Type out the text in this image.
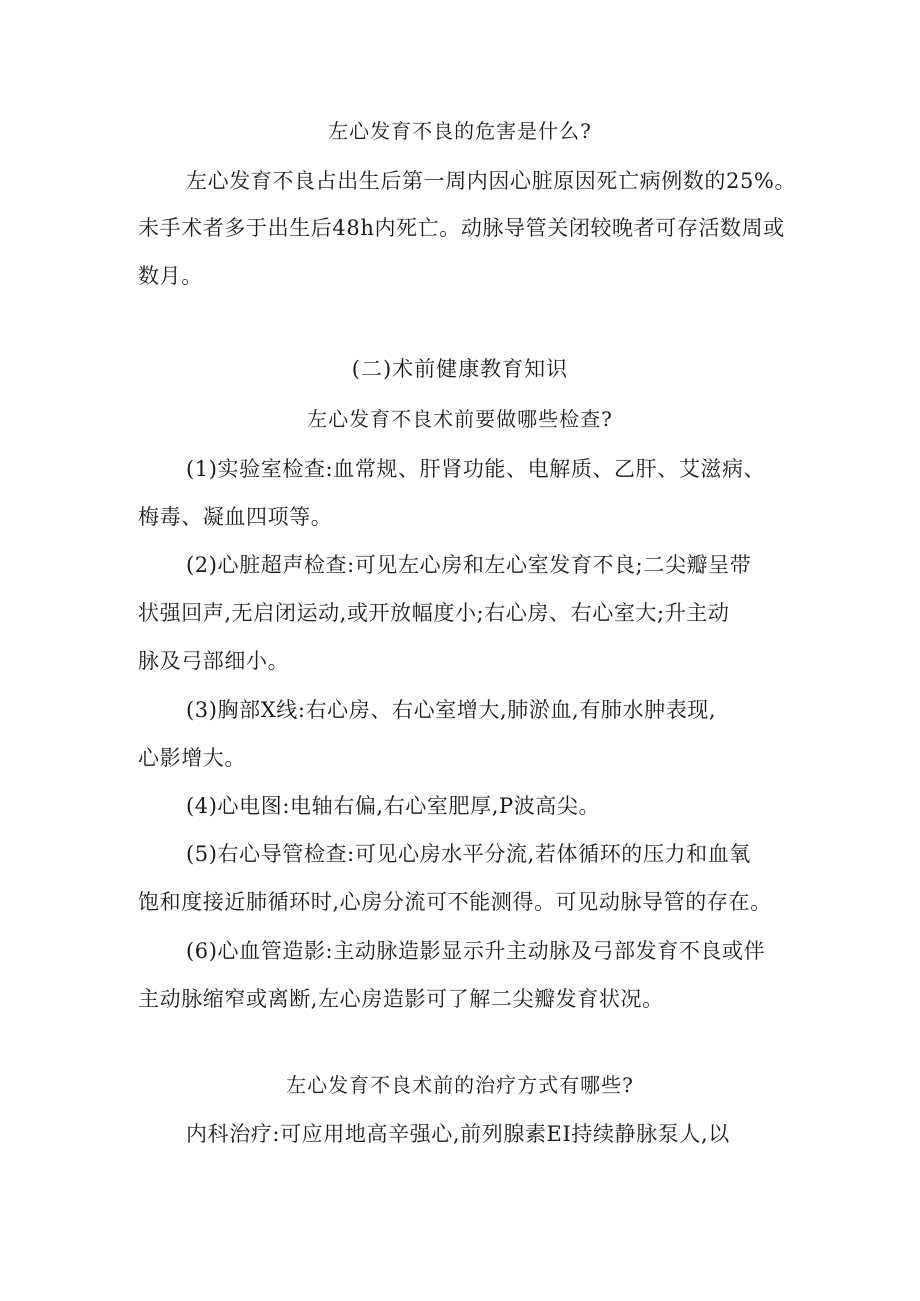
左心发育不良的危害是什么?
左心发育不良占出生后第一周内因心脏原因死亡病例数的25%。
未手术者多于出生后48h内死亡。动脉导管关闭较晚者可存活数周或
数月。
(二)术前健康教育知识
左心发育不良术前要做哪些检查?
(1)实验室检查:血常规、肝肾功能、电解质、乙肝、艾滋病、
梅毒、凝血四项等。
(2)心脏超声检查:可见左心房和左心室发育不良;二尖瓣呈带
状强回声,无启闭运动,或开放幅度小;右心房、右心室大;升主动
脉及弓部细小。
(3)胸部X线:右心房、右心室增大,肺淤血,有肺水肿表现,
心影增大。
(4)心电图:电轴右偏,右心室肥厚,P波高尖。
(5)右心导管检查:可见心房水平分流,若体循环的压力和血氧
饱和度接近肺循环时,心房分流可不能测得。可见动脉导管的存在。
(6)心血管造影:主动脉造影显示升主动脉及弓部发育不良或伴
主动脉缩窄或离断,左心房造影可了解二尖瓣发育状况。
左心发育不良术前的治疗方式有哪些?
内科治疗:可应用地高辛强心,前列腺素EI持续静脉泵人,以
